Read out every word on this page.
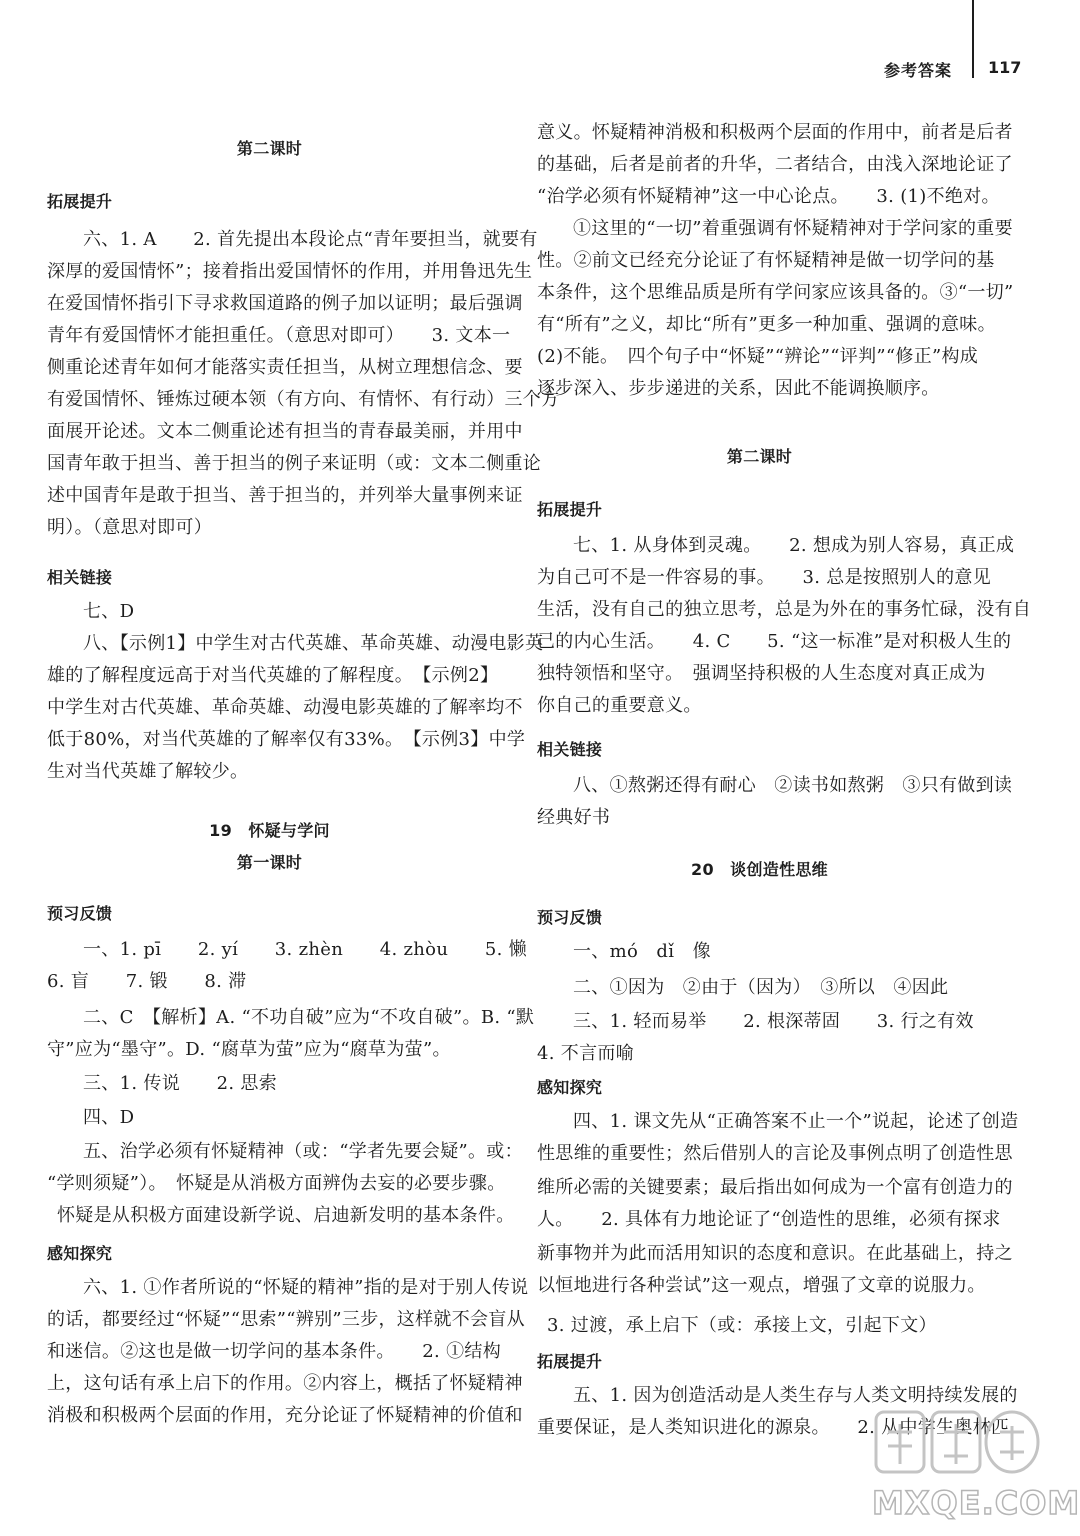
参考答案 117
第二课时
拓展提升
六、1. A　　2. 首先提出本段论点“青年要担当，就要有
深厚的爱国情怀”；接着指出爱国情怀的作用，并用鲁迅先生
在爱国情怀指引下寻求救国道路的例子加以证明；最后强调
青年有爱国情怀才能担重任。（意思对即可）　　3. 文本一
侧重论述青年如何才能落实责任担当，从树立理想信念、要
有爱国情怀、锤炼过硬本领（有方向、有情怀、有行动）三个方
面展开论述。文本二侧重论述有担当的青春最美丽，并用中
国青年敢于担当、善于担当的例子来证明（或：文本二侧重论
述中国青年是敢于担当、善于担当的，并列举大量事例来证
明）。（意思对即可）
相关链接
七、D
八、【示例1】中学生对古代英雄、革命英雄、动漫电影英
雄的了解程度远高于对当代英雄的了解程度。　【示例2】
中学生对古代英雄、革命英雄、动漫电影英雄的了解率均不
低于80%，对当代英雄的了解率仅有33%。　【示例3】中学
生对当代英雄了解较少。
19　怀疑与学问
第一课时
预习反馈
一、1. pī　　2. yí　　3. zhèn　　4. zhòu　　5. 懒
6. 盲　　7. 锻　　8. 滞
二、C　【解析】A. “不功自破”应为“不攻自破”。B. “默
守”应为“墨守”。D. “腐草为萤”应为“腐草为萤”。
三、1. 传说　　2. 思索
四、D
五、治学必须有怀疑精神（或：“学者先要会疑”。或：
“学则须疑”）。　怀疑是从消极方面辨伪去妄的必要步骤。
怀疑是从积极方面建设新学说、启迪新发明的基本条件。
感知探究
六、1. ①作者所说的“怀疑的精神”指的是对于别人传说
的话，都要经过“怀疑”“思索”“辨别”三步，这样就不会盲从
和迷信。②这也是做一切学问的基本条件。　　2. ①结构
上，这句话有承上启下的作用。②内容上，概括了怀疑精神
消极和积极两个层面的作用，充分论证了怀疑精神的价值和
意义。怀疑精神消极和积极两个层面的作用中，前者是后者
的基础，后者是前者的升华，二者结合，由浅入深地论证了
“治学必须有怀疑精神”这一中心论点。　　3. (1)不绝对。
①这里的“一切”着重强调有怀疑精神对于学问家的重要
性。②前文已经充分论证了有怀疑精神是做一切学问的基
本条件，这个思维品质是所有学问家应该具备的。③“一切”
有“所有”之义，却比“所有”更多一种加重、强调的意味。
(2)不能。　四个句子中“怀疑”“辨论”“评判”“修正”构成
逐步深入、步步递进的关系，因此不能调换顺序。
第二课时
拓展提升
七、1. 从身体到灵魂。　　2. 想成为别人容易，真正成
为自己可不是一件容易的事。　　3. 总是按照别人的意见
生活，没有自己的独立思考，总是为外在的事务忙碌，没有自
己的内心生活。　　4. C　　5. “这一标准”是对积极人生的
独特领悟和坚守。　强调坚持积极的人生态度对真正成为
你自己的重要意义。
相关链接
八、①熬粥还得有耐心　②读书如熬粥　③只有做到读
经典好书
20　谈创造性思维
预习反馈
一、mó　dǐ　像
二、①因为　②由于（因为）　③所以　④因此
三、1. 轻而易举　　2. 根深蒂固　　3. 行之有效
4. 不言而喻
感知探究
四、1. 课文先从“正确答案不止一个”说起，论述了创造
性思维的重要性；然后借别人的言论及事例点明了创造性思
维所必需的关键要素；最后指出如何成为一个富有创造力的
人。　　2. 具体有力地论证了“创造性的思维，必须有探求
新事物并为此而活用知识的态度和意识。在此基础上，持之
以恒地进行各种尝试”这一观点，增强了文章的说服力。
3. 过渡，承上启下（或：承接上文，引起下文）
拓展提升
五、1. 因为创造活动是人类生存与人类文明持续发展的
重要保证，是人类知识进化的源泉。　　2. 从中学生奥林匹
MXQE.COM
